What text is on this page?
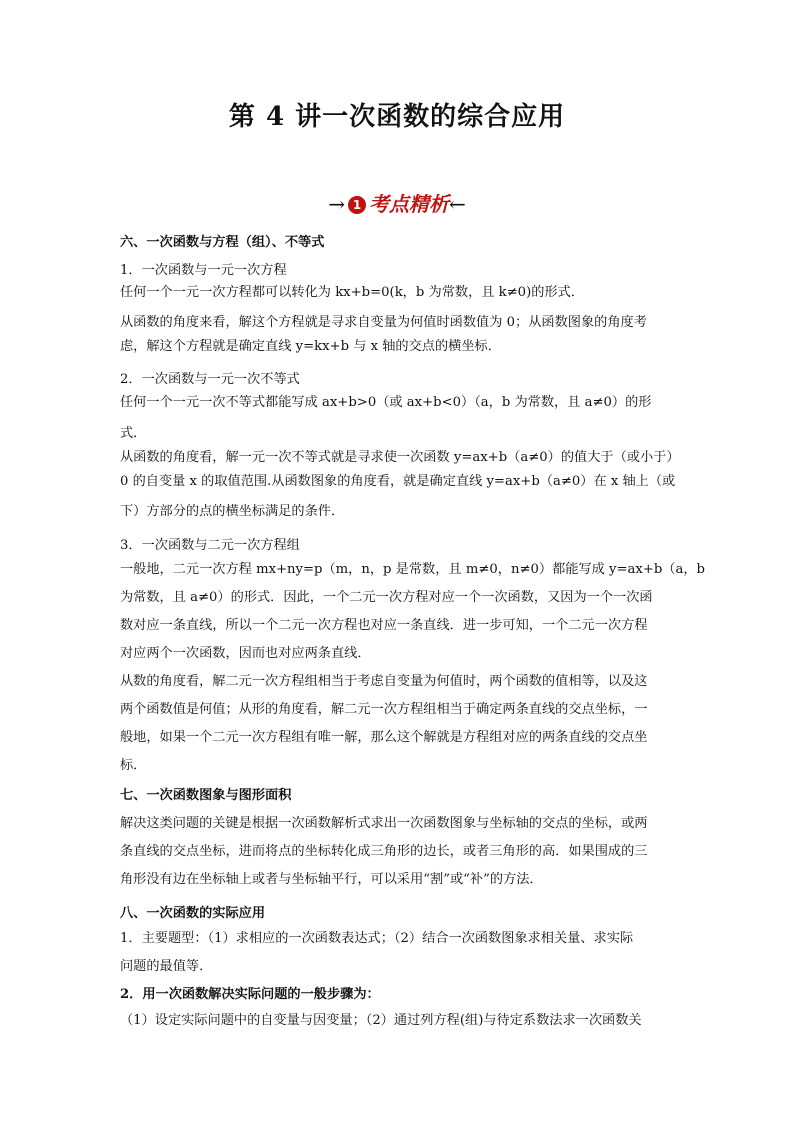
第 4 讲一次函数的综合应用
→ 1 考点精析←
六、一次函数与方程（组）、不等式
1．一次函数与一元一次方程
任何一个一元一次方程都可以转化为 kx+b=0(k，b 为常数，且 k≠0)的形式．
从函数的角度来看，解这个方程就是寻求自变量为何值时函数值为 0；从函数图象的角度考
虑，解这个方程就是确定直线 y=kx+b 与 x 轴的交点的横坐标．
2．一次函数与一元一次不等式
任何一个一元一次不等式都能写成 ax+b>0（或 ax+b<0）（a，b 为常数，且 a≠0）的形
式．
从函数的角度看，解一元一次不等式就是寻求使一次函数 y=ax+b（a≠0）的值大于（或小于）
0 的自变量 x 的取值范围.从函数图象的角度看，就是确定直线 y=ax+b（a≠0）在 x 轴上（或
下）方部分的点的横坐标满足的条件．
3．一次函数与二元一次方程组
一般地，二元一次方程 mx+ny=p（m，n，p 是常数，且 m≠0，n≠0）都能写成 y=ax+b（a，b
为常数，且 a≠0）的形式．因此，一个二元一次方程对应一个一次函数，又因为一个一次函
数对应一条直线，所以一个二元一次方程也对应一条直线．进一步可知，一个二元一次方程
对应两个一次函数，因而也对应两条直线．
从数的角度看，解二元一次方程组相当于考虑自变量为何值时，两个函数的值相等，以及这
两个函数值是何值；从形的角度看，解二元一次方程组相当于确定两条直线的交点坐标，一
般地，如果一个二元一次方程组有唯一解，那么这个解就是方程组对应的两条直线的交点坐
标．
七、一次函数图象与图形面积
解决这类问题的关键是根据一次函数解析式求出一次函数图象与坐标轴的交点的坐标，或两
条直线的交点坐标，进而将点的坐标转化成三角形的边长，或者三角形的高．如果围成的三
角形没有边在坐标轴上或者与坐标轴平行，可以采用“割”或“补”的方法．
八、一次函数的实际应用
1．主要题型：（1）求相应的一次函数表达式；（2）结合一次函数图象求相关量、求实际
问题的最值等．
2．用一次函数解决实际问题的一般步骤为：
（1）设定实际问题中的自变量与因变量；（2）通过列方程(组)与待定系数法求一次函数关
